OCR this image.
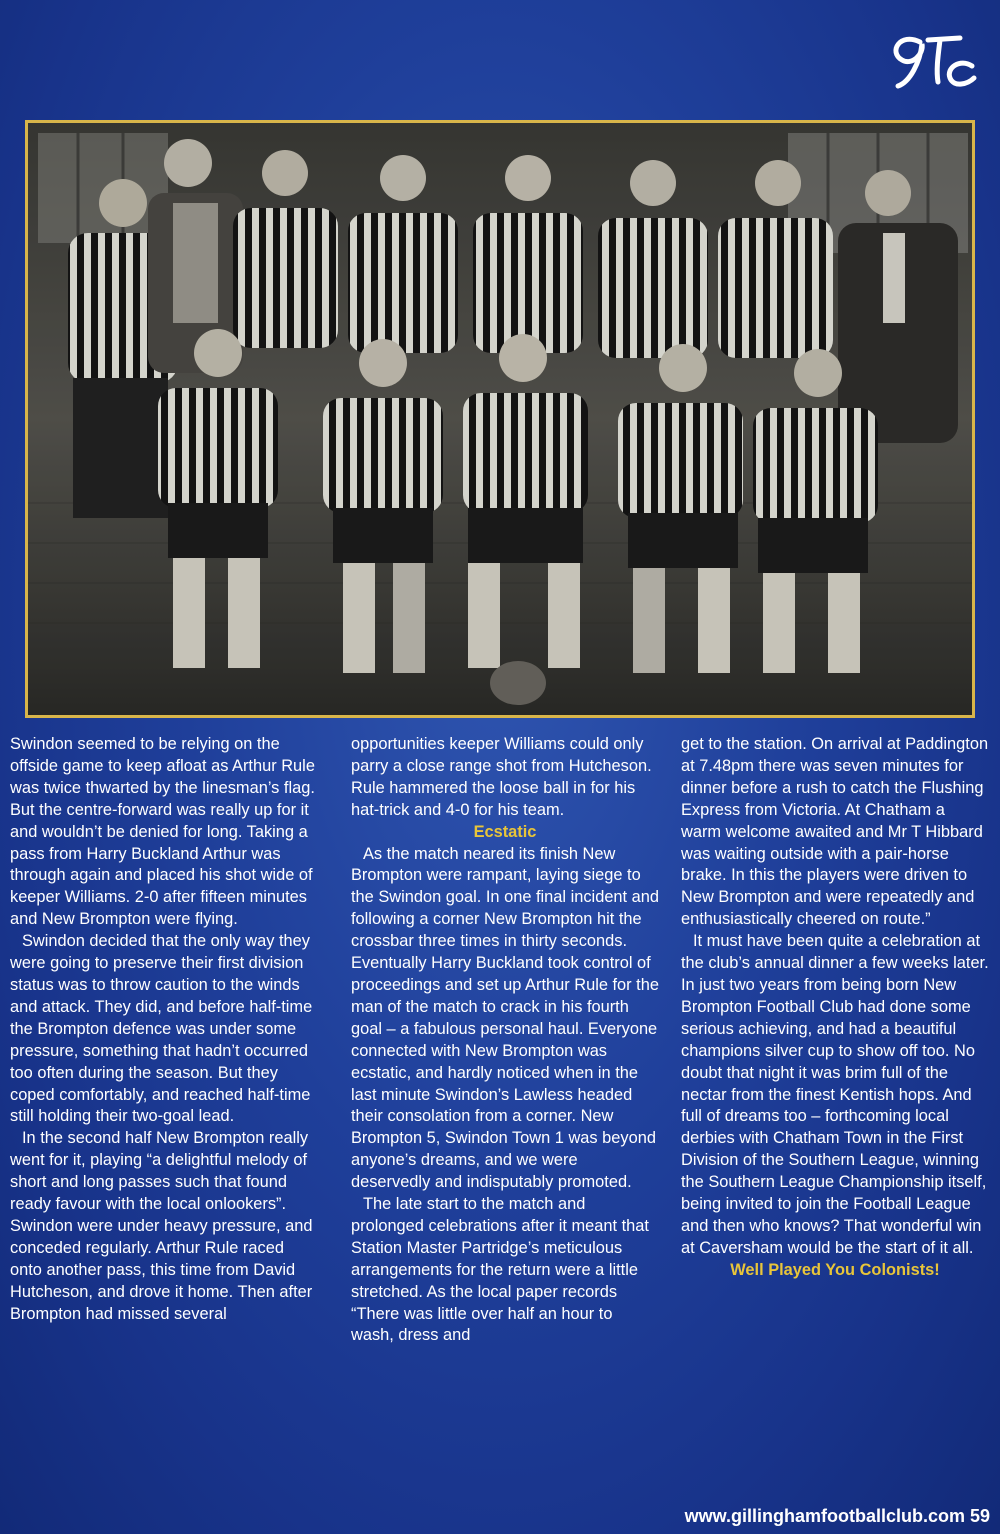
Swindon seemed to be relying on the offside game to keep afloat as Arthur Rule was twice thwarted by the linesman’s flag. But the centre-forward was really up for it and wouldn’t be denied for long. Taking a pass from Harry Buckland Arthur was through again and placed his shot wide of keeper Williams. 2-0 after fifteen minutes and New Brompton were flying.

Swindon decided that the only way they were going to preserve their first division status was to throw caution to the winds and attack. They did, and before half-time the Brompton defence was under some pressure, something that hadn’t occurred too often during the season. But they coped comfortably, and reached half-time still holding their two-goal lead.

In the second half New Brompton really went for it, playing “a delightful melody of short and long passes such that found ready favour with the local onlookers”. Swindon were under heavy pressure, and conceded regularly. Arthur Rule raced onto another pass, this time from David Hutcheson, and drove it home. Then after Brompton had missed several

opportunities keeper Williams could only parry a close range shot from Hutcheson. Rule hammered the loose ball in for his hat-trick and 4-0 for his team.

Ecstatic

As the match neared its finish New Brompton were rampant, laying siege to the Swindon goal. In one final incident and following a corner New Brompton hit the crossbar three times in thirty seconds. Eventually Harry Buckland took control of proceedings and set up Arthur Rule for the man of the match to crack in his fourth goal – a fabulous personal haul. Everyone connected with New Brompton was ecstatic, and hardly noticed when in the last minute Swindon’s Lawless headed their consolation from a corner. New Brompton 5, Swindon Town 1 was beyond anyone’s dreams, and we were deservedly and indisputably promoted.

The late start to the match and prolonged celebrations after it meant that Station Master Partridge’s meticulous arrangements for the return were a little stretched. As the local paper records “There was little over half an hour to wash, dress and

get to the station. On arrival at Paddington at 7.48pm there was seven minutes for dinner before a rush to catch the Flushing Express from Victoria. At Chatham a warm welcome awaited and Mr T Hibbard was waiting outside with a pair-horse brake. In this the players were driven to New Brompton and were repeatedly and enthusiastically cheered on route.”

It must have been quite a celebration at the club’s annual dinner a few weeks later. In just two years from being born New Brompton Football Club had done some serious achieving, and had a beautiful champions silver cup to show off too. No doubt that night it was brim full of the nectar from the finest Kentish hops. And full of dreams too – forthcoming local derbies with Chatham Town in the First Division of the Southern League, winning the Southern League Championship itself, being invited to join the Football League and then who knows? That wonderful win at Caversham would be the start of it all.

Well Played You Colonists!

www.gillinghamfootballclub.com 59
